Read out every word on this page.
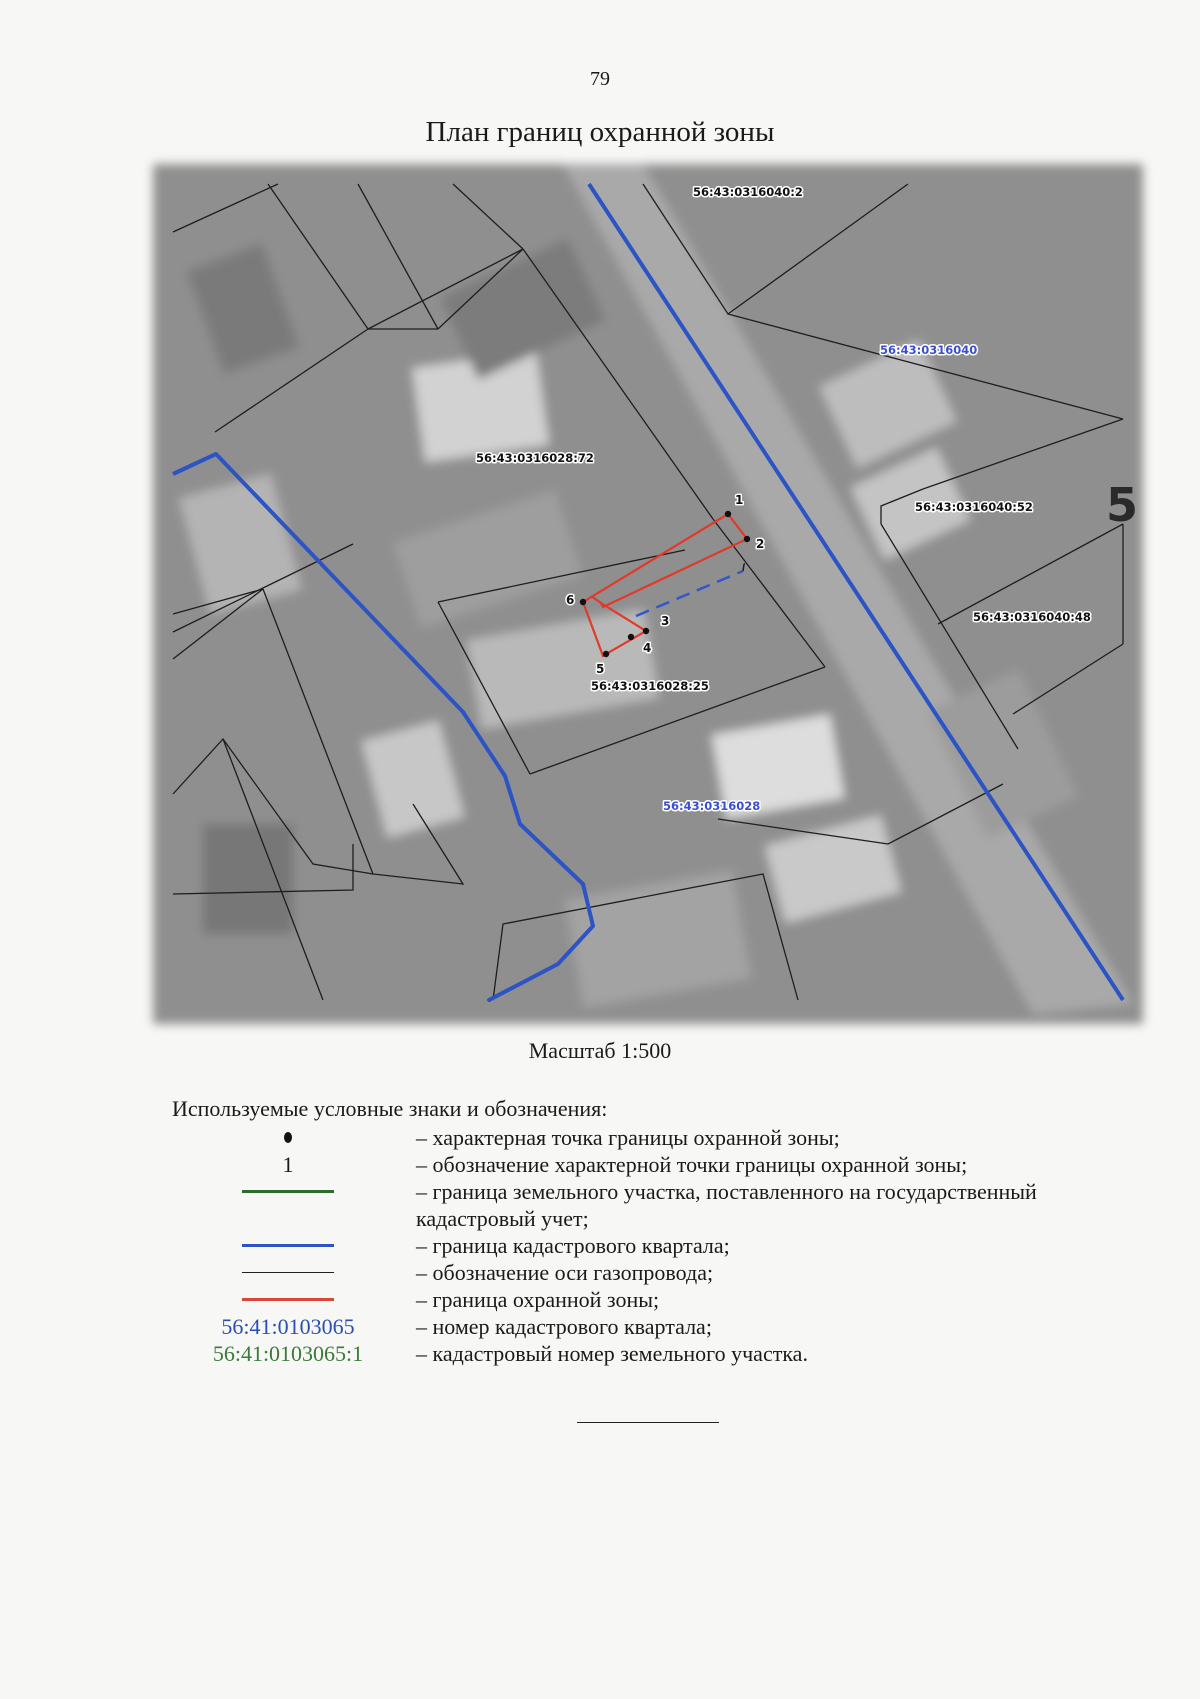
79
План границ охранной зоны
1
2
3
4
5
6
56:43:0316040:2
56:43:0316028:72
56:43:0316040:52
56:43:0316040:48
56:43:0316028:25
56:43:0316040
56:43:0316028
5
Масштаб 1:500
Используемые условные знаки и обозначения:
– характерная точка границы охранной зоны;
1	– обозначение характерной точки границы охранной зоны;
– граница земельного участка, поставленного на государственный кадастровый учет;
– граница кадастрового квартала;
– обозначение оси газопровода;
– граница охранной зоны;
56:41:0103065	– номер кадастрового квартала;
56:41:0103065:1	– кадастровый номер земельного участка.
